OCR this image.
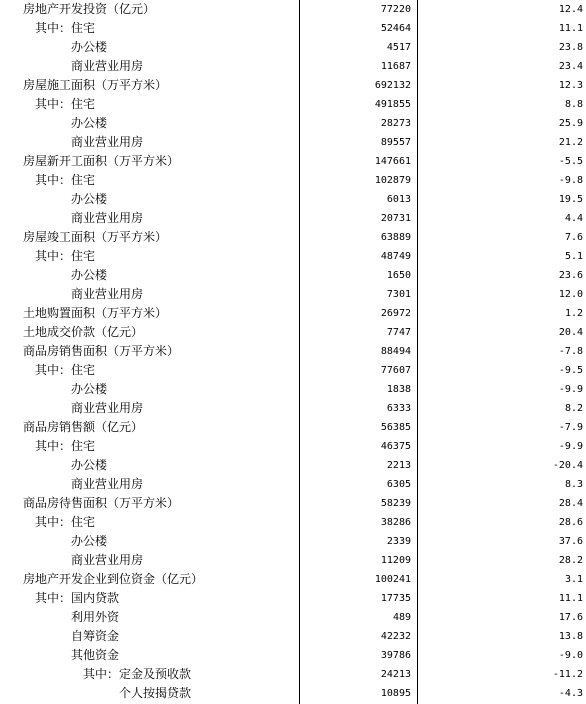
房地产开发投资（亿元）	77220	12.4
其中：住宅	52464	11.1
办公楼	4517	23.8
商业营业用房	11687	23.4
房屋施工面积（万平方米）	692132	12.3
其中：住宅	491855	8.8
办公楼	28273	25.9
商业营业用房	89557	21.2
房屋新开工面积（万平方米）	147661	-5.5
其中：住宅	102879	-9.8
办公楼	6013	19.5
商业营业用房	20731	4.4
房屋竣工面积（万平方米）	63889	7.6
其中：住宅	48749	5.1
办公楼	1650	23.6
商业营业用房	7301	12.0
土地购置面积（万平方米）	26972	1.2
土地成交价款（亿元）	7747	20.4
商品房销售面积（万平方米）	88494	-7.8
其中：住宅	77607	-9.5
办公楼	1838	-9.9
商业营业用房	6333	8.2
商品房销售额（亿元）	56385	-7.9
其中：住宅	46375	-9.9
办公楼	2213	-20.4
商业营业用房	6305	8.3
商品房待售面积（万平方米）	58239	28.4
其中：住宅	38286	28.6
办公楼	2339	37.6
商业营业用房	11209	28.2
房地产开发企业到位资金（亿元）	100241	3.1
其中：国内贷款	17735	11.1
利用外资	489	17.6
自筹资金	42232	13.8
其他资金	39786	-9.0
其中：定金及预收款	24213	-11.2
个人按揭贷款	10895	-4.3
